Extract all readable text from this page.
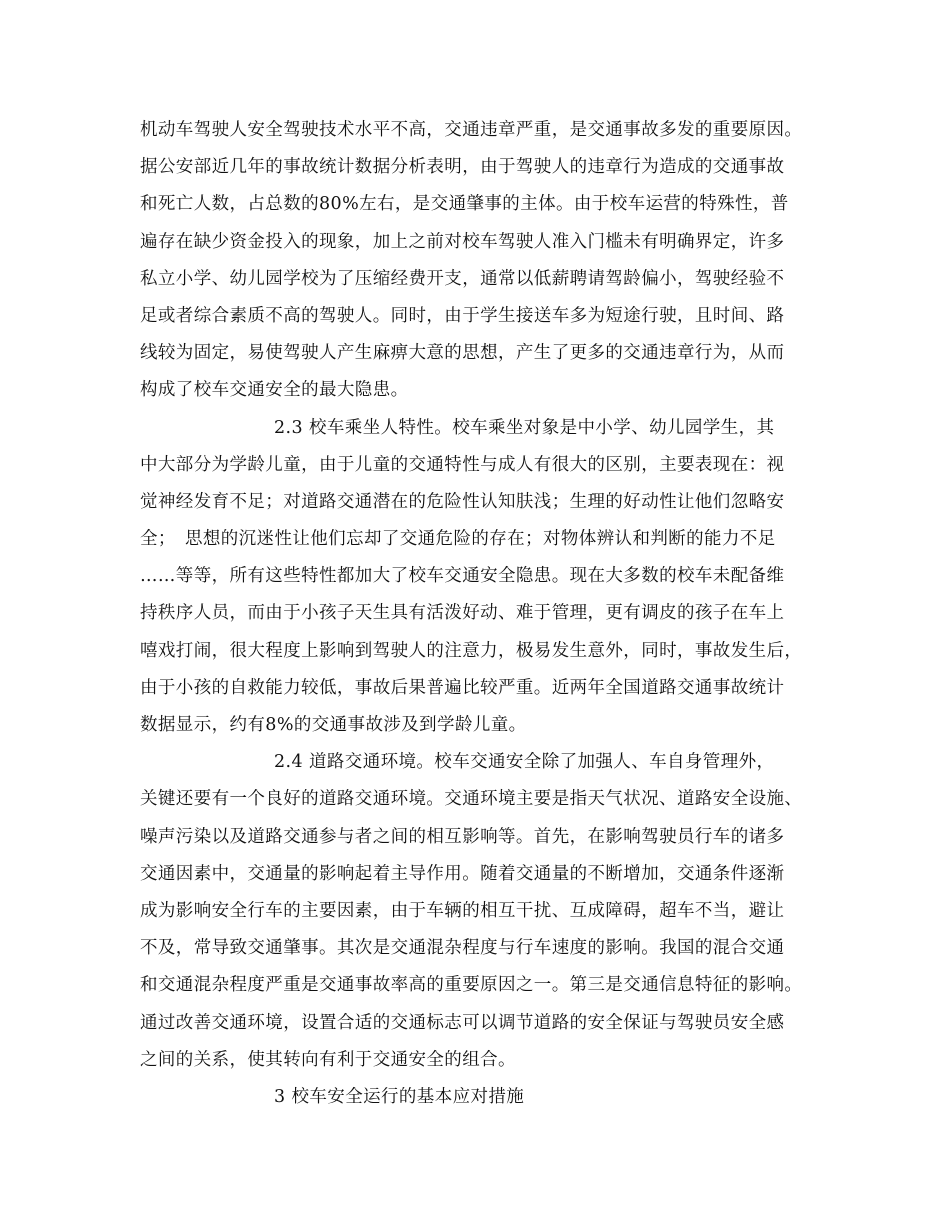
机动车驾驶人安全驾驶技术水平不高，交通违章严重，是交通事故多发的重要原因。
据公安部近几年的事故统计数据分析表明，由于驾驶人的违章行为造成的交通事故
和死亡人数，占总数的80%左右，是交通肇事的主体。由于校车运营的特殊性，普
遍存在缺少资金投入的现象，加上之前对校车驾驶人准入门槛未有明确界定，许多
私立小学、幼儿园学校为了压缩经费开支，通常以低薪聘请驾龄偏小，驾驶经验不
足或者综合素质不高的驾驶人。同时，由于学生接送车多为短途行驶，且时间、路
线较为固定，易使驾驶人产生麻痹大意的思想，产生了更多的交通违章行为，从而
构成了校车交通安全的最大隐患。
2.3 校车乘坐人特性。校车乘坐对象是中小学、幼儿园学生，其
中大部分为学龄儿童，由于儿童的交通特性与成人有很大的区别，主要表现在：视
觉神经发育不足；对道路交通潜在的危险性认知肤浅；生理的好动性让他们忽略安
全；　思想的沉迷性让他们忘却了交通危险的存在；对物体辨认和判断的能力不足
……等等，所有这些特性都加大了校车交通安全隐患。现在大多数的校车未配备维
持秩序人员，而由于小孩子天生具有活泼好动、难于管理，更有调皮的孩子在车上
嘻戏打闹，很大程度上影响到驾驶人的注意力，极易发生意外，同时，事故发生后，
由于小孩的自救能力较低，事故后果普遍比较严重。近两年全国道路交通事故统计
数据显示，约有8%的交通事故涉及到学龄儿童。
2.4 道路交通环境。校车交通安全除了加强人、车自身管理外，
关键还要有一个良好的道路交通环境。交通环境主要是指天气状况、道路安全设施、
噪声污染以及道路交通参与者之间的相互影响等。首先，在影响驾驶员行车的诸多
交通因素中，交通量的影响起着主导作用。随着交通量的不断增加，交通条件逐渐
成为影响安全行车的主要因素，由于车辆的相互干扰、互成障碍，超车不当，避让
不及，常导致交通肇事。其次是交通混杂程度与行车速度的影响。我国的混合交通
和交通混杂程度严重是交通事故率高的重要原因之一。第三是交通信息特征的影响。
通过改善交通环境，设置合适的交通标志可以调节道路的安全保证与驾驶员安全感
之间的关系，使其转向有利于交通安全的组合。
3 校车安全运行的基本应对措施
